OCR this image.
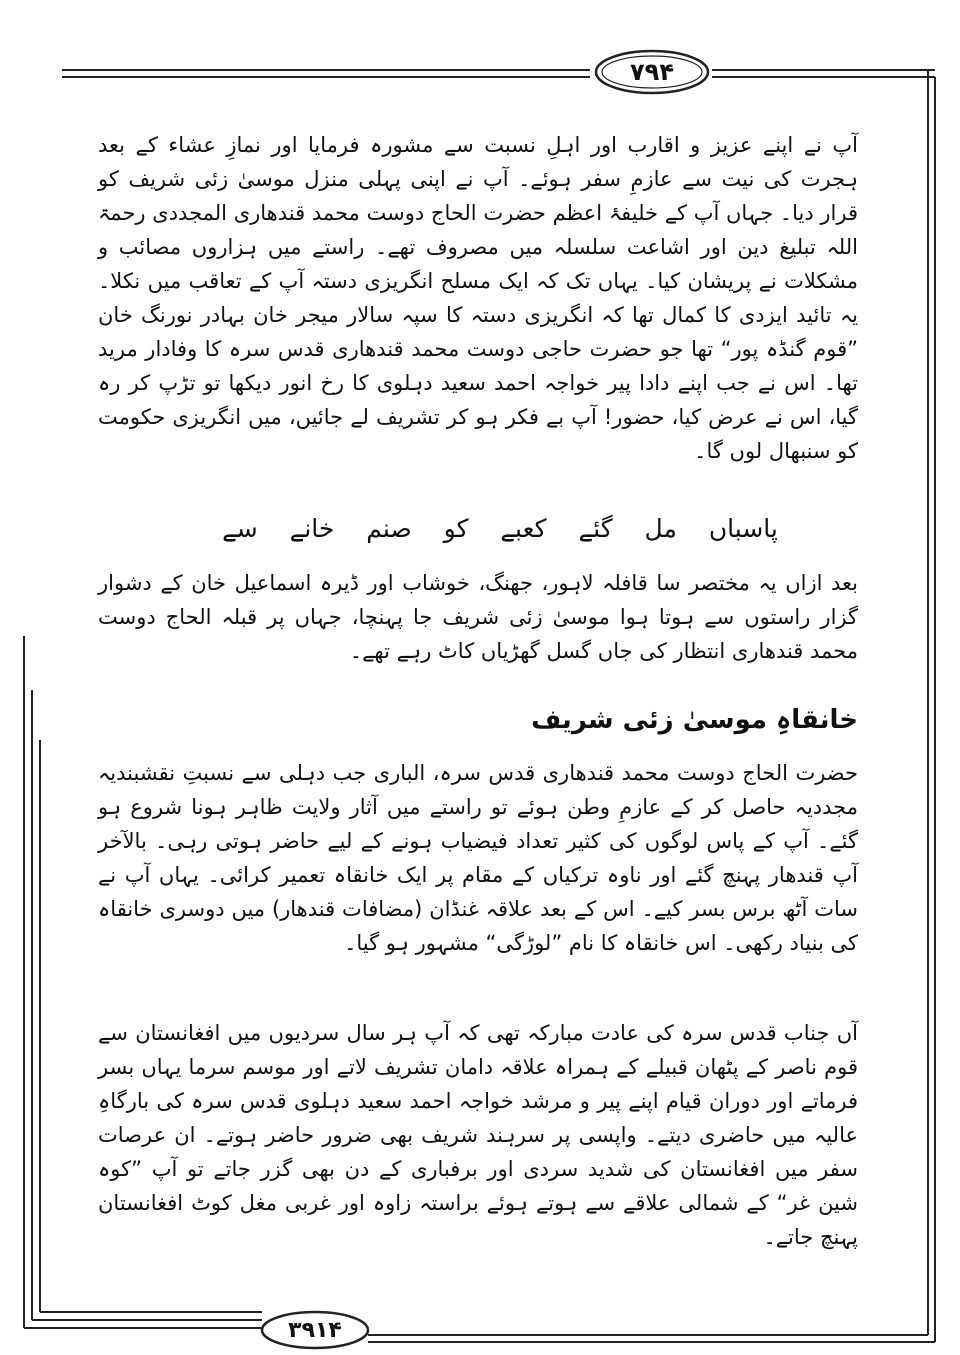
۷۹۴

آپ نے اپنے عزیز و اقارب اور اہلِ نسبت سے مشورہ فرمایا اور نمازِ عشاء کے بعد ہجرت کی نیت سے عازمِ سفر ہوئے۔ آپ نے اپنی پہلی منزل موسیٰ زئی شریف کو قرار دیا۔ جہاں آپ کے خلیفۂ اعظم حضرت الحاج دوست محمد قندھاری المجددی رحمۃ اللہ تبلیغ دین اور اشاعت سلسلہ میں مصروف تھے۔ راستے میں ہزاروں مصائب و مشکلات نے پریشان کیا۔ یہاں تک کہ ایک مسلح انگریزی دستہ آپ کے تعاقب میں نکلا۔ یہ تائید ایزدی کا کمال تھا کہ انگریزی دستہ کا سپہ سالار میجر خان بہادر نورنگ خان ”قوم گنڈہ پور“ تھا جو حضرت حاجی دوست محمد قندھاری قدس سرہ کا وفادار مرید تھا۔ اس نے جب اپنے دادا پیر خواجہ احمد سعید دہلوی کا رخ انور دیکھا تو تڑپ کر رہ گیا، اس نے عرض کیا، حضور! آپ بے فکر ہو کر تشریف لے جائیں، میں انگریزی حکومت کو سنبھال لوں گا۔

پاسباں مل گئے کعبے کو صنم خانے سے

بعد ازاں یہ مختصر سا قافلہ لاہور، جھنگ، خوشاب اور ڈیرہ اسماعیل خان کے دشوار گزار راستوں سے ہوتا ہوا موسیٰ زئی شریف جا پہنچا، جہاں پر قبلہ الحاج دوست محمد قندھاری انتظار کی جاں گسل گھڑیاں کاٹ رہے تھے۔

خانقاہِ موسیٰ زئی شریف

حضرت الحاج دوست محمد قندھاری قدس سرہ، الباری جب دہلی سے نسبتِ نقشبندیہ مجددیہ حاصل کر کے عازمِ وطن ہوئے تو راستے میں آثار ولایت ظاہر ہونا شروع ہو گئے۔ آپ کے پاس لوگوں کی کثیر تعداد فیضیاب ہونے کے لیے حاضر ہوتی رہی۔ بالآخر آپ قندھار پہنچ گئے اور ناوہ ترکیاں کے مقام پر ایک خانقاہ تعمیر کرائی۔ یہاں آپ نے سات آٹھ برس بسر کیے۔ اس کے بعد علاقہ غنڈان (مضافات قندھار) میں دوسری خانقاہ کی بنیاد رکھی۔ اس خانقاہ کا نام ”لوڑگی“ مشہور ہو گیا۔

آں جناب قدس سرہ کی عادت مبارکہ تھی کہ آپ ہر سال سردیوں میں افغانستان سے قوم ناصر کے پٹھان قبیلے کے ہمراہ علاقہ دامان تشریف لاتے اور موسم سرما یہاں بسر فرماتے اور دوران قیام اپنے پیر و مرشد خواجہ احمد سعید دہلوی قدس سرہ کی بارگاہِ عالیہ میں حاضری دیتے۔ واپسی پر سرہند شریف بھی ضرور حاضر ہوتے۔ ان عرصات سفر میں افغانستان کی شدید سردی اور برفباری کے دن بھی گزر جاتے تو آپ ”کوہ شین غر“ کے شمالی علاقے سے ہوتے ہوئے براستہ زاوہ اور غربی مغل کوٹ افغانستان پہنچ جاتے۔

۳۹۱۴
